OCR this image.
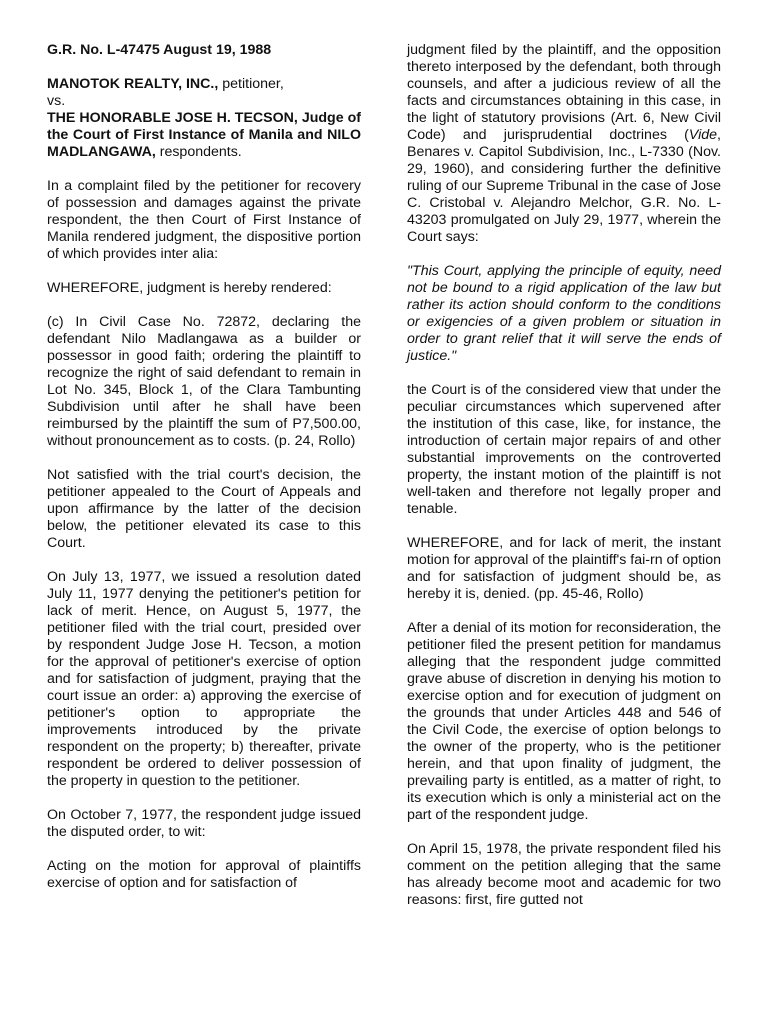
G.R. No. L-47475 August 19, 1988

MANOTOK REALTY, INC., petitioner,
vs.
THE HONORABLE JOSE H. TECSON, Judge of the Court of First Instance of Manila and NILO MADLANGAWA, respondents.

In a complaint filed by the petitioner for recovery of possession and damages against the private respondent, the then Court of First Instance of Manila rendered judgment, the dispositive portion of which provides inter alia:

WHEREFORE, judgment is hereby rendered:

(c) In Civil Case No. 72872, declaring the defendant Nilo Madlangawa as a builder or possessor in good faith; ordering the plaintiff to recognize the right of said defendant to remain in Lot No. 345, Block 1, of the Clara Tambunting Subdivision until after he shall have been reimbursed by the plaintiff the sum of P7,500.00, without pronouncement as to costs. (p. 24, Rollo)

Not satisfied with the trial court's decision, the petitioner appealed to the Court of Appeals and upon affirmance by the latter of the decision below, the petitioner elevated its case to this Court.

On July 13, 1977, we issued a resolution dated July 11, 1977 denying the petitioner's petition for lack of merit. Hence, on August 5, 1977, the petitioner filed with the trial court, presided over by respondent Judge Jose H. Tecson, a motion for the approval of petitioner's exercise of option and for satisfaction of judgment, praying that the court issue an order: a) approving the exercise of petitioner's option to appropriate the improvements introduced by the private respondent on the property; b) thereafter, private respondent be ordered to deliver possession of the property in question to the petitioner.

On October 7, 1977, the respondent judge issued the disputed order, to wit:

Acting on the motion for approval of plaintiffs exercise of option and for satisfaction of

judgment filed by the plaintiff, and the opposition thereto interposed by the defendant, both through counsels, and after a judicious review of all the facts and circumstances obtaining in this case, in the light of statutory provisions (Art. 6, New Civil Code) and jurisprudential doctrines (Vide, Benares v. Capitol Subdivision, Inc., L-7330 (Nov. 29, 1960), and considering further the definitive ruling of our Supreme Tribunal in the case of Jose C. Cristobal v. Alejandro Melchor, G.R. No. L-43203 promulgated on July 29, 1977, wherein the Court says:

"This Court, applying the principle of equity, need not be bound to a rigid application of the law but rather its action should conform to the conditions or exigencies of a given problem or situation in order to grant relief that it will serve the ends of justice."

the Court is of the considered view that under the peculiar circumstances which supervened after the institution of this case, like, for instance, the introduction of certain major repairs of and other substantial improvements on the controverted property, the instant motion of the plaintiff is not well-taken and therefore not legally proper and tenable.

WHEREFORE, and for lack of merit, the instant motion for approval of the plaintiff's fai-rn of option and for satisfaction of judgment should be, as hereby it is, denied. (pp. 45-46, Rollo)

After a denial of its motion for reconsideration, the petitioner filed the present petition for mandamus alleging that the respondent judge committed grave abuse of discretion in denying his motion to exercise option and for execution of judgment on the grounds that under Articles 448 and 546 of the Civil Code, the exercise of option belongs to the owner of the property, who is the petitioner herein, and that upon finality of judgment, the prevailing party is entitled, as a matter of right, to its execution which is only a ministerial act on the part of the respondent judge.

On April 15, 1978, the private respondent filed his comment on the petition alleging that the same has already become moot and academic for two reasons: first, fire gutted not
